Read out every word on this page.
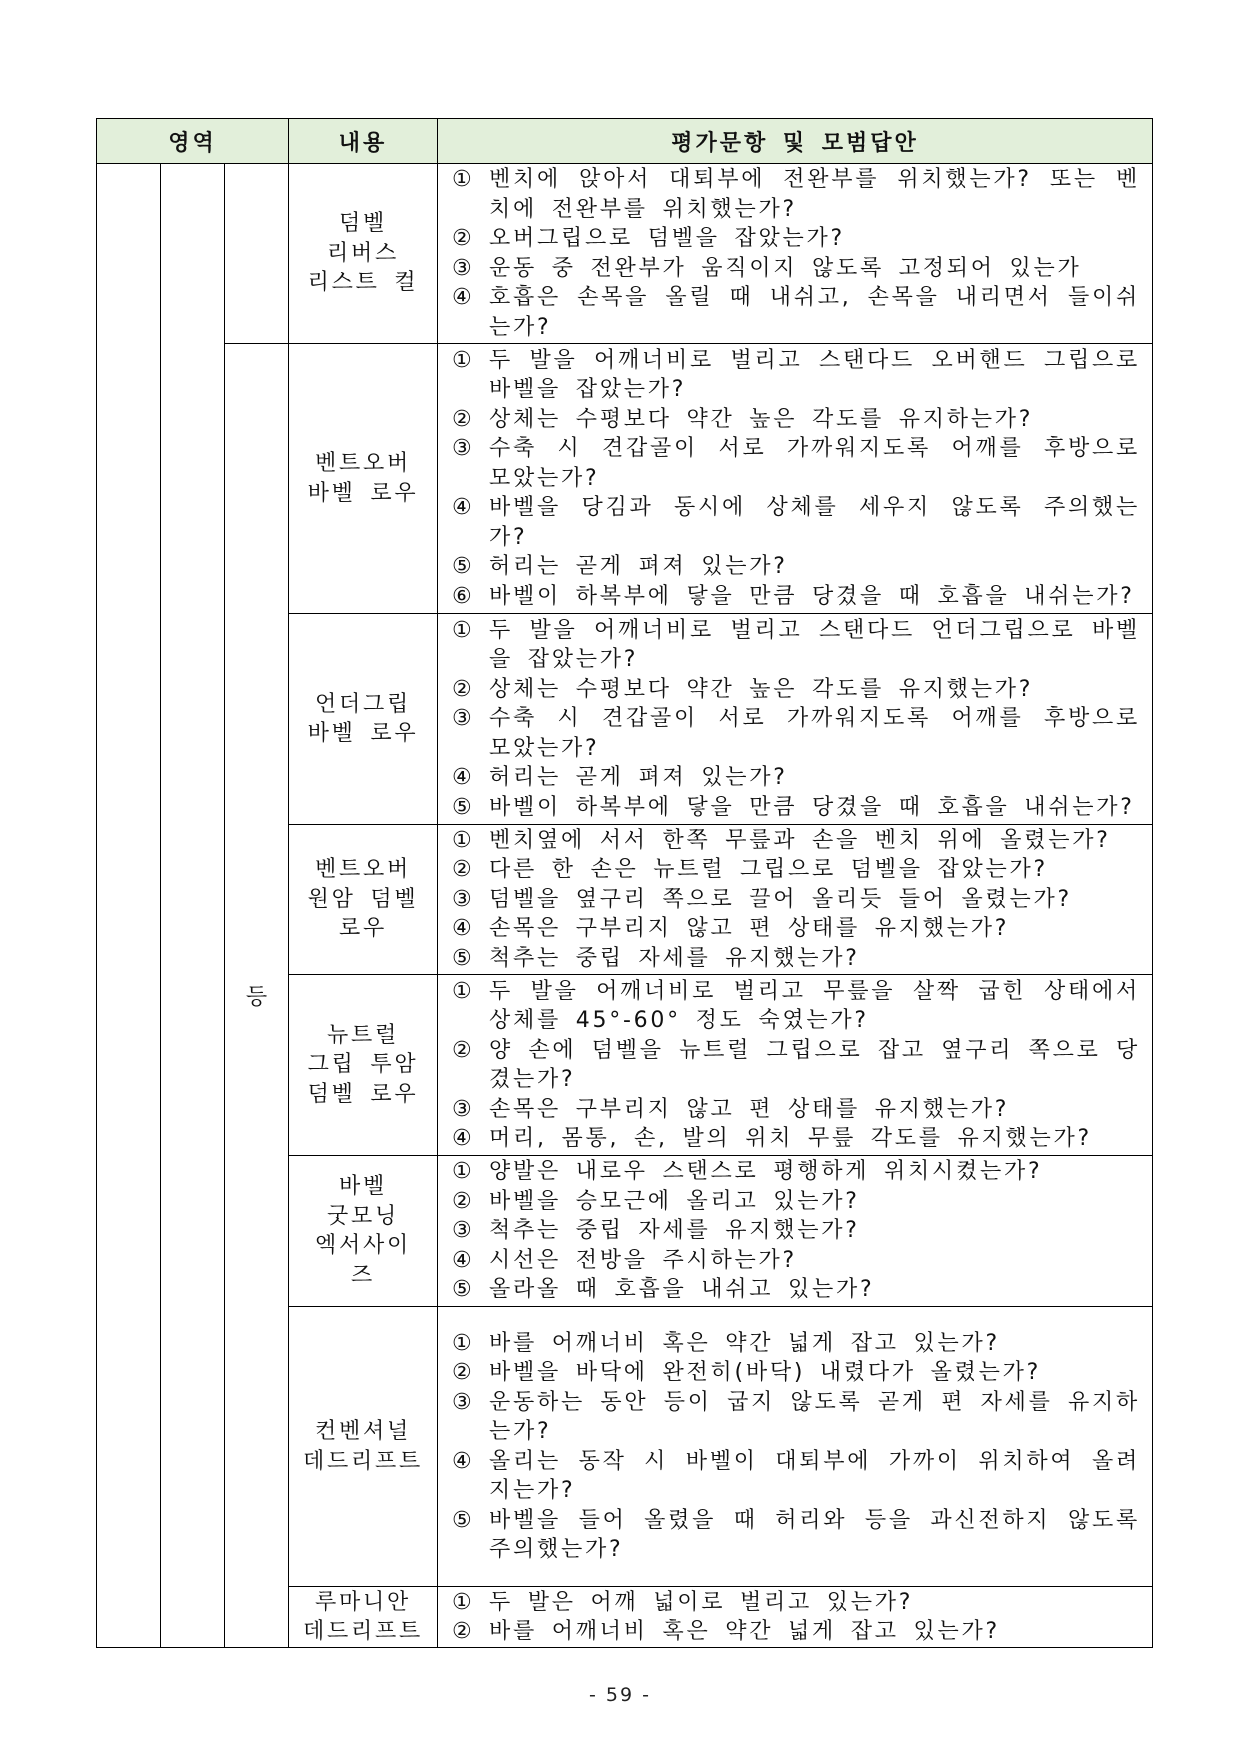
영역	내용	평가문항 및 모범답안
등
덤벨
리버스
리스트 컬
① 벤치에 앉아서 대퇴부에 전완부를 위치했는가? 또는 벤치에 전완부를 위치했는가?
② 오버그립으로 덤벨을 잡았는가?
③ 운동 중 전완부가 움직이지 않도록 고정되어 있는가
④ 호흡은 손목을 올릴 때 내쉬고, 손목을 내리면서 들이쉬는가?
벤트오버
바벨 로우
① 두 발을 어깨너비로 벌리고 스탠다드 오버핸드 그립으로 바벨을 잡았는가?
② 상체는 수평보다 약간 높은 각도를 유지하는가?
③ 수축 시 견갑골이 서로 가까워지도록 어깨를 후방으로 모았는가?
④ 바벨을 당김과 동시에 상체를 세우지 않도록 주의했는가?
⑤ 허리는 곧게 펴져 있는가?
⑥ 바벨이 하복부에 닿을 만큼 당겼을 때 호흡을 내쉬는가?
언더그립
바벨 로우
① 두 발을 어깨너비로 벌리고 스탠다드 언더그립으로 바벨을 잡았는가?
② 상체는 수평보다 약간 높은 각도를 유지했는가?
③ 수축 시 견갑골이 서로 가까워지도록 어깨를 후방으로 모았는가?
④ 허리는 곧게 펴져 있는가?
⑤ 바벨이 하복부에 닿을 만큼 당겼을 때 호흡을 내쉬는가?
벤트오버
원암 덤벨
로우
① 벤치옆에 서서 한쪽 무릎과 손을 벤치 위에 올렸는가?
② 다른 한 손은 뉴트럴 그립으로 덤벨을 잡았는가?
③ 덤벨을 옆구리 쪽으로 끌어 올리듯 들어 올렸는가?
④ 손목은 구부리지 않고 편 상태를 유지했는가?
⑤ 척추는 중립 자세를 유지했는가?
뉴트럴
그립 투암
덤벨 로우
① 두 발을 어깨너비로 벌리고 무릎을 살짝 굽힌 상태에서 상체를 45°-60° 정도 숙였는가?
② 양 손에 덤벨을 뉴트럴 그립으로 잡고 옆구리 쪽으로 당겼는가?
③ 손목은 구부리지 않고 편 상태를 유지했는가?
④ 머리, 몸통, 손, 발의 위치 무릎 각도를 유지했는가?
바벨
굿모닝
엑서사이
즈
① 양발은 내로우 스탠스로 평행하게 위치시켰는가?
② 바벨을 승모근에 올리고 있는가?
③ 척추는 중립 자세를 유지했는가?
④ 시선은 전방을 주시하는가?
⑤ 올라올 때 호흡을 내쉬고 있는가?
컨벤셔널
데드리프트
① 바를 어깨너비 혹은 약간 넓게 잡고 있는가?
② 바벨을 바닥에 완전히(바닥) 내렸다가 올렸는가?
③ 운동하는 동안 등이 굽지 않도록 곧게 편 자세를 유지하는가?
④ 올리는 동작 시 바벨이 대퇴부에 가까이 위치하여 올려지는가?
⑤ 바벨을 들어 올렸을 때 허리와 등을 과신전하지 않도록 주의했는가?
루마니안
데드리프트
① 두 발은 어깨 넓이로 벌리고 있는가?
② 바를 어깨너비 혹은 약간 넓게 잡고 있는가?
- 59 -
